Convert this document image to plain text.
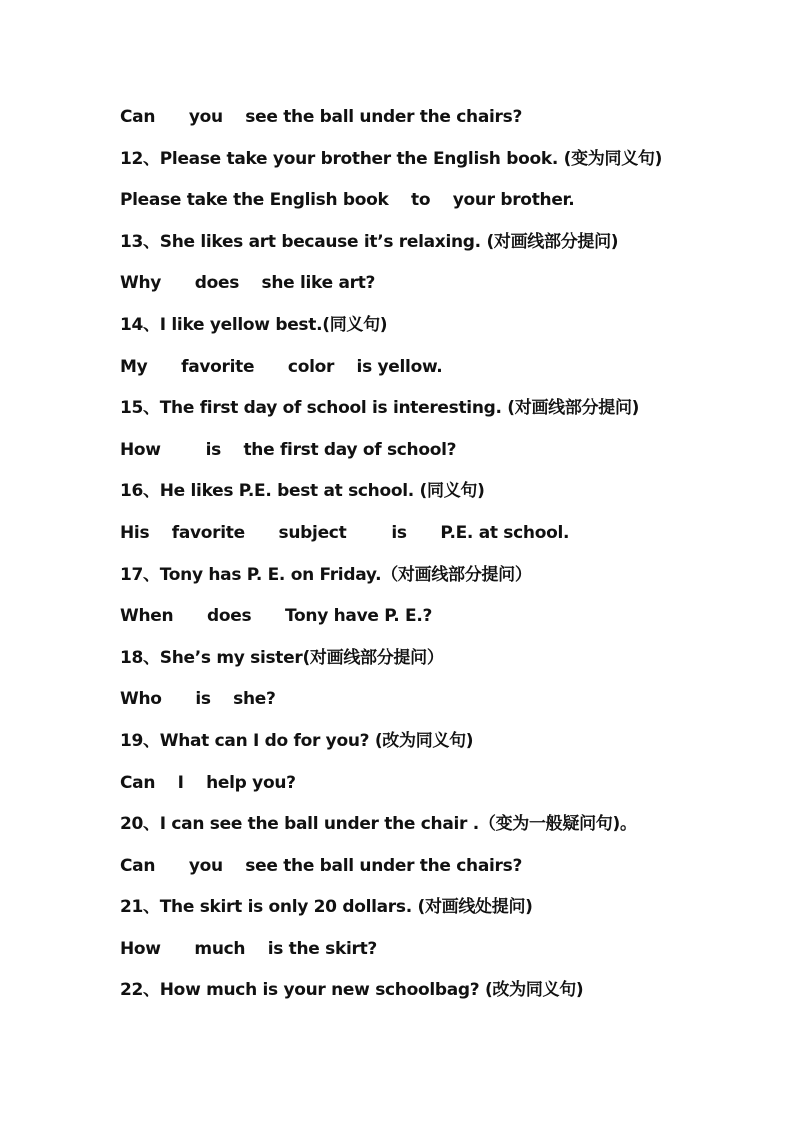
Can      you    see the ball under the chairs?
12、Please take your brother the English book. (变为同义句)
Please take the English book    to    your brother.
13、She likes art because it’s relaxing. (对画线部分提问)
Why      does    she like art?
14、I like yellow best.(同义句)
My      favorite      color    is yellow.
15、The first day of school is interesting. (对画线部分提问)
How        is    the first day of school?
16、He likes P.E. best at school. (同义句)
His    favorite      subject        is      P.E. at school.
17、Tony has P. E. on Friday.（对画线部分提问）
When      does      Tony have P. E.?
18、She’s my sister(对画线部分提问）
Who      is    she?
19、What can I do for you? (改为同义句)
Can    I    help you?
20、I can see the ball under the chair .（变为一般疑问句)。
Can      you    see the ball under the chairs?
21、The skirt is only 20 dollars. (对画线处提问)
How      much    is the skirt?
22、How much is your new schoolbag? (改为同义句)
